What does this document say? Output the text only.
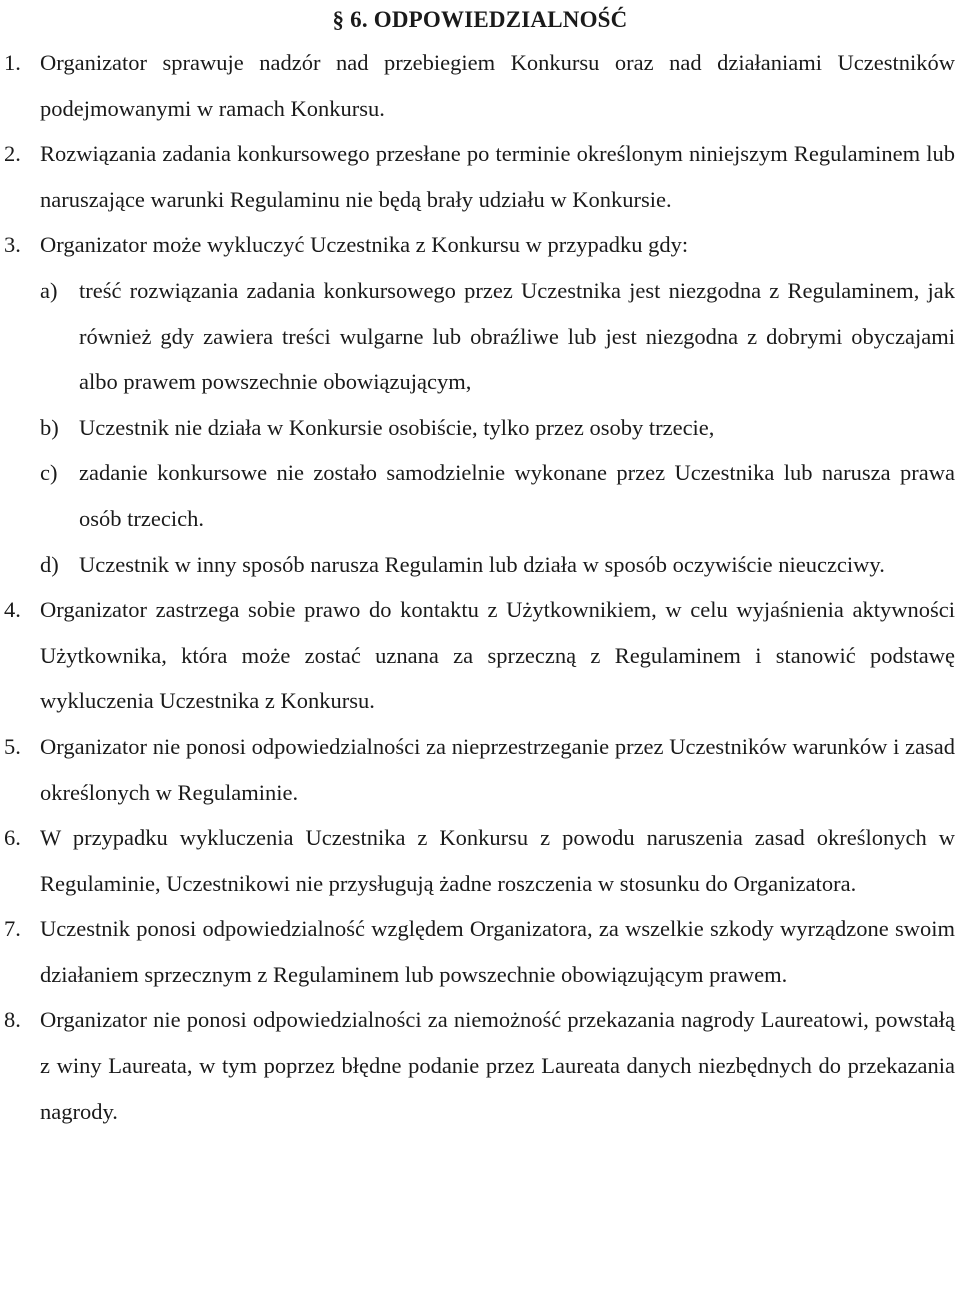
§ 6. ODPOWIEDZIALNOŚĆ
1. Organizator sprawuje nadzór nad przebiegiem Konkursu oraz nad działaniami Uczestników podejmowanymi w ramach Konkursu.
2. Rozwiązania zadania konkursowego przesłane po terminie określonym niniejszym Regulaminem lub naruszające warunki Regulaminu nie będą brały udziału w Konkursie.
3. Organizator może wykluczyć Uczestnika z Konkursu w przypadku gdy:
a) treść rozwiązania zadania konkursowego przez Uczestnika jest niezgodna z Regulaminem, jak również gdy zawiera treści wulgarne lub obraźliwe lub jest niezgodna z dobrymi obyczajami albo prawem powszechnie obowiązującym,
b) Uczestnik nie działa w Konkursie osobiście, tylko przez osoby trzecie,
c) zadanie konkursowe nie zostało samodzielnie wykonane przez Uczestnika lub narusza prawa osób trzecich.
d) Uczestnik w inny sposób narusza Regulamin lub działa w sposób oczywiście nieuczciwy.
4. Organizator zastrzega sobie prawo do kontaktu z Użytkownikiem, w celu wyjaśnienia aktywności Użytkownika, która może zostać uznana za sprzeczną z Regulaminem i stanowić podstawę wykluczenia Uczestnika z Konkursu.
5. Organizator nie ponosi odpowiedzialności za nieprzestrzeganie przez Uczestników warunków i zasad określonych w Regulaminie.
6. W przypadku wykluczenia Uczestnika z Konkursu z powodu naruszenia zasad określonych w Regulaminie, Uczestnikowi nie przysługują żadne roszczenia w stosunku do Organizatora.
7. Uczestnik ponosi odpowiedzialność względem Organizatora, za wszelkie szkody wyrządzone swoim działaniem sprzecznym z Regulaminem lub powszechnie obowiązującym prawem.
8. Organizator nie ponosi odpowiedzialności za niemożność przekazania nagrody Laureatowi, powstałą z winy Laureata, w tym poprzez błędne podanie przez Laureata danych niezbędnych do przekazania nagrody.
